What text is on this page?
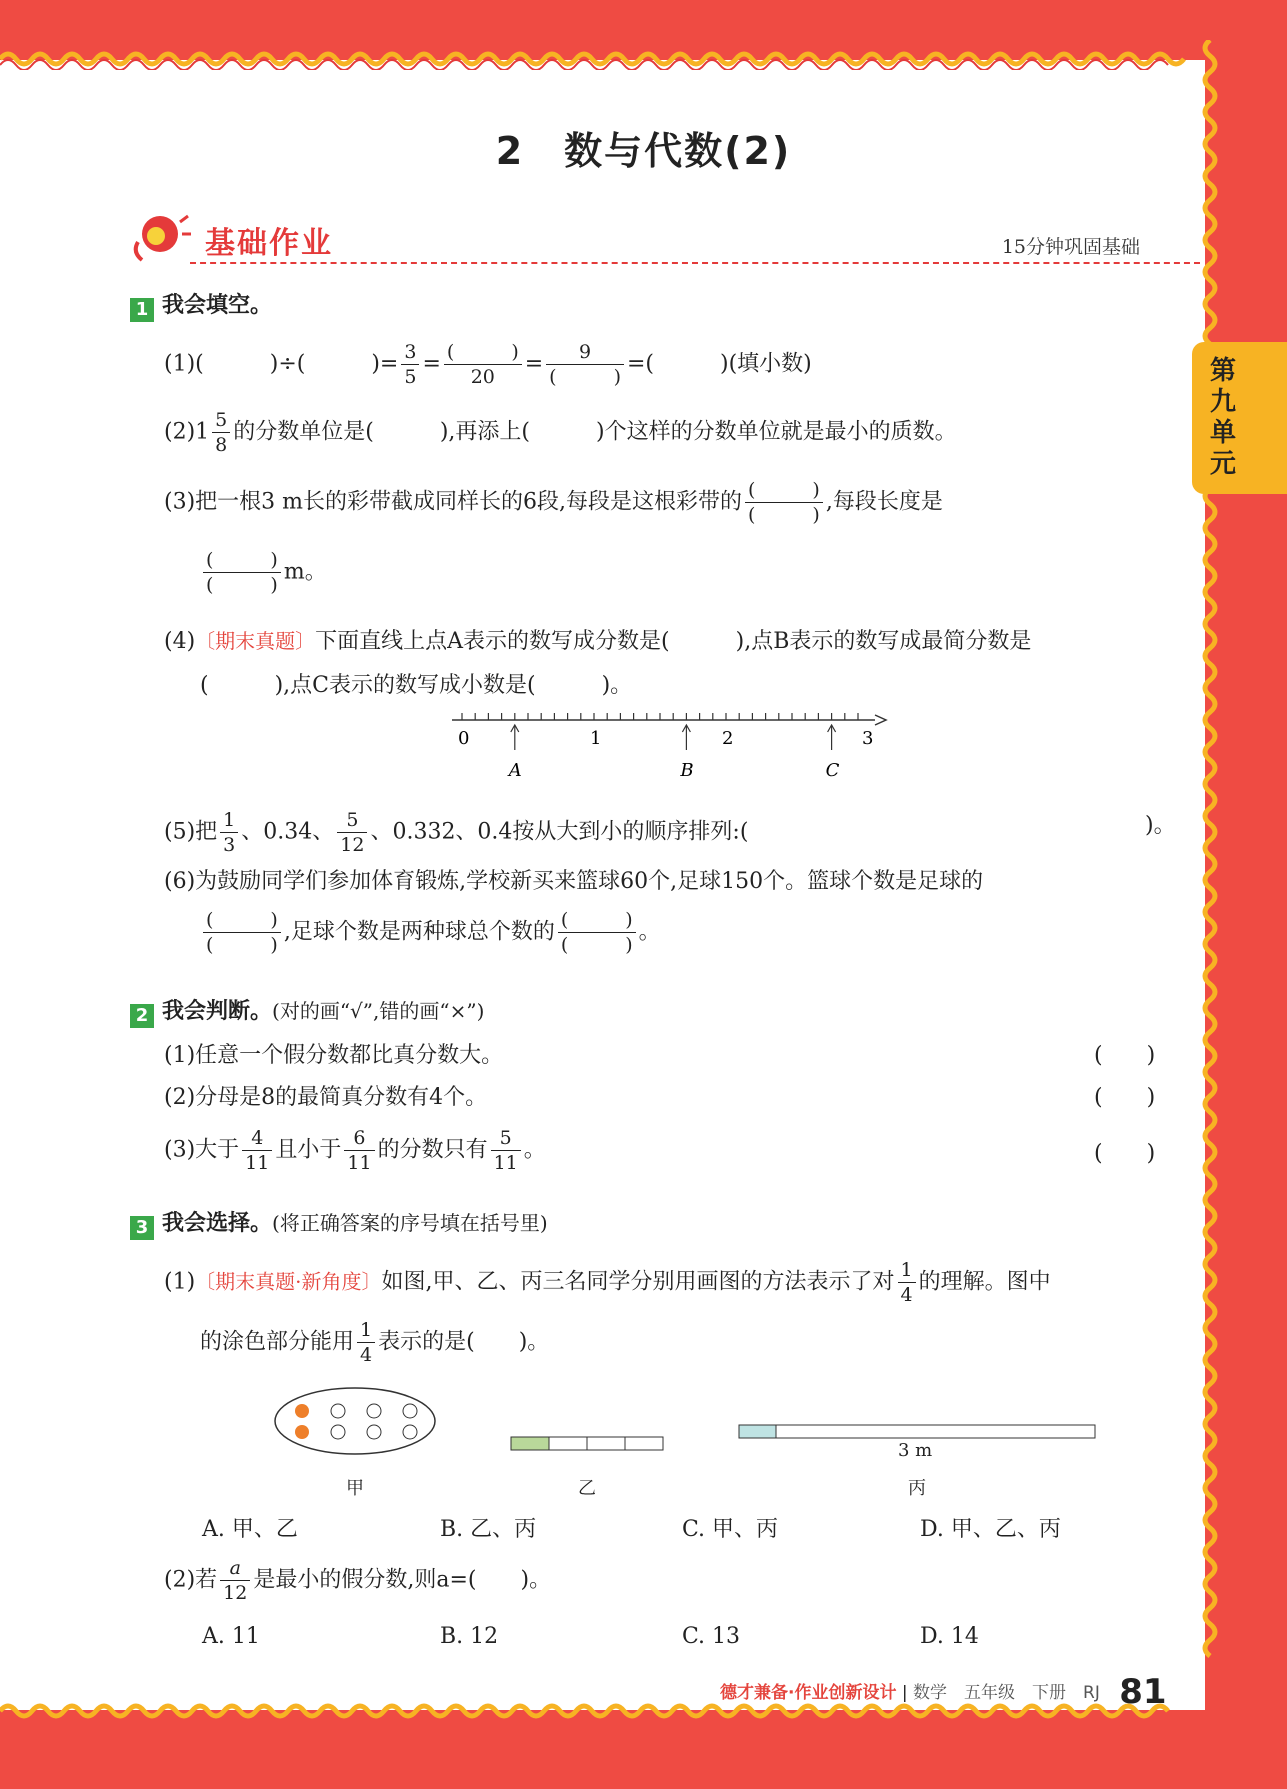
2　数与代数(2)
基础作业	15分钟巩固基础
第九单元
1 我会填空。
(1)(　　　)÷(　　　)= $\frac{3}{5} = \frac{( )}{20} = \frac{9}{( )}$ =(　　　)(填小数)
$(2)1 \frac{5}{8}$ 的分数单位是(　　　),再添上(　　　)个这样的分数单位就是最小的质数。
(3)把一根3 m长的彩带截成同样长的6段,每段是这根彩带的 $\frac{( )}{( )}$ ,每段长度是
$\frac{( )}{( )}$ m。
(4)〔期末真题〕下面直线上点A表示的数写成分数是(　　　),点B表示的数写成最简分数是
(　　　),点C表示的数写成小数是(　　　)。
0	1	2	3
A	B	C
(5)把 $\frac{1}{3}$ 、0.34、 $\frac{5}{12}$ 、0.332、0.4按从大到小的顺序排列:(	)。
(6)为鼓励同学们参加体育锻炼,学校新买来篮球60个,足球150个。篮球个数是足球的
$\frac{( )}{( )}$ ,足球个数是两种球总个数的 $\frac{( )}{( )}$ 。
2 我会判断。(对的画“√”,错的画“×”)
(1)任意一个假分数都比真分数大。	(　　)
(2)分母是8的最简真分数有4个。	(　　)
(3)大于 $\frac{4}{11}$ 且小于 $\frac{6}{11}$ 的分数只有 $\frac{5}{11}$ 。	(　　)
3 我会选择。(将正确答案的序号填在括号里)
(1)〔期末真题·新角度〕如图,甲、乙、丙三名同学分别用画图的方法表示了对 $\frac{1}{4}$ 的理解。图中
的涂色部分能用 $\frac{1}{4}$ 表示的是(　　)。
3 m
甲	乙	丙
A. 甲、乙	B. 乙、丙	C. 甲、丙	D. 甲、乙、丙
(2)若 $\frac{a}{12}$ 是最小的假分数,则a=(　　)。
A. 11	B. 12	C. 13	D. 14
德才兼备·作业创新设计 | 数学　五年级　下册　RJ 81
